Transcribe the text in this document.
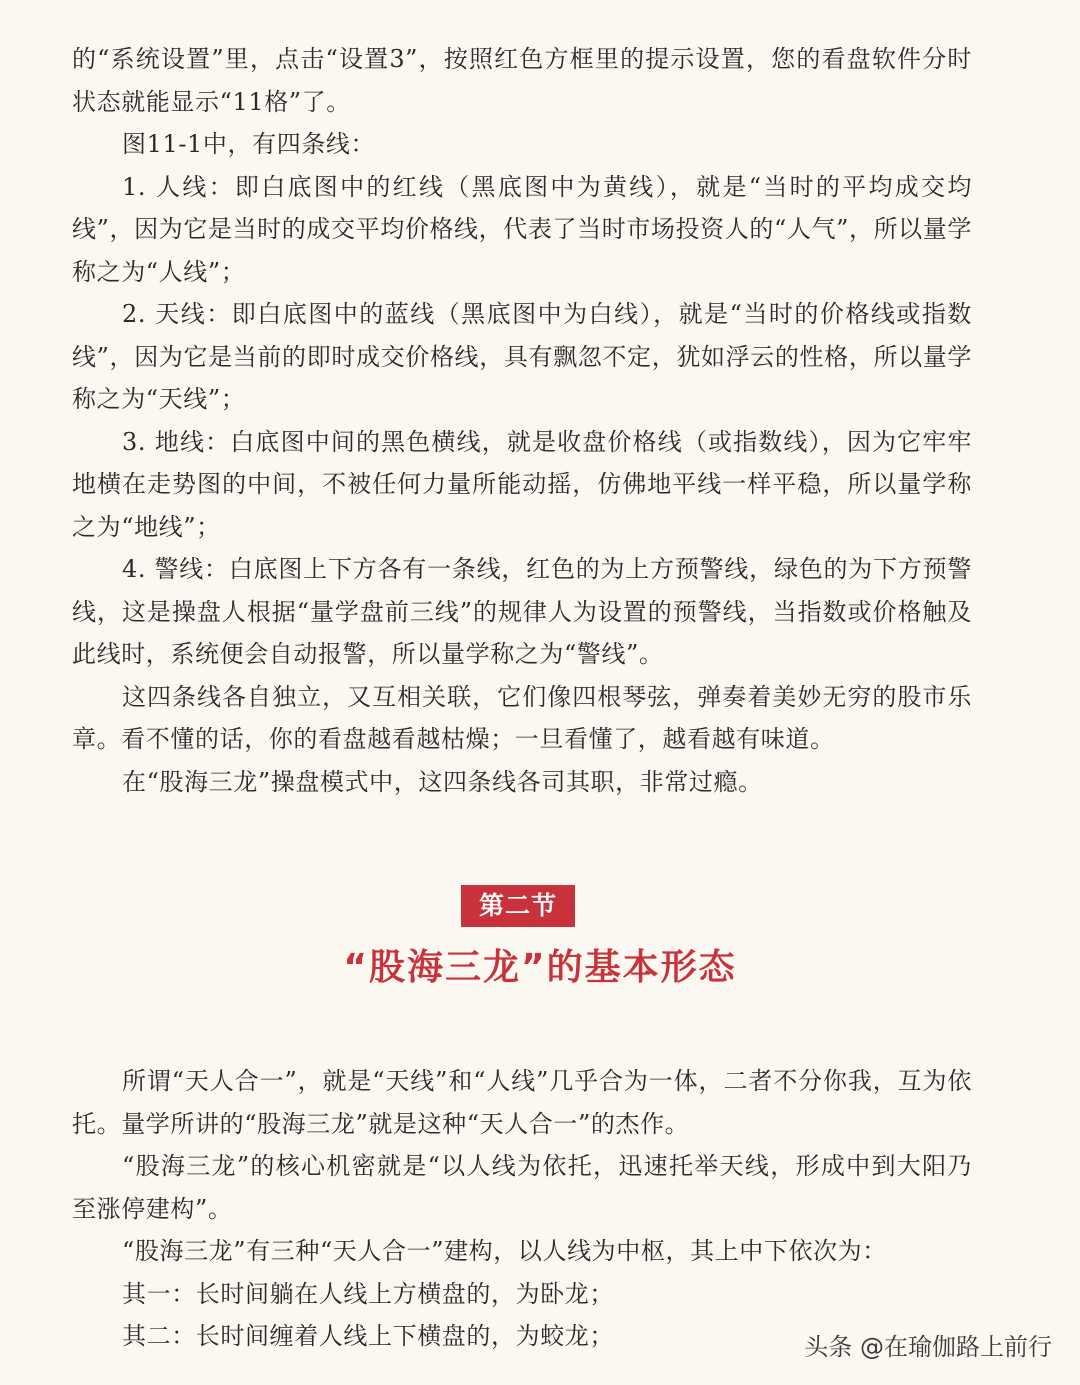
的“系统设置”里，点击“设置3”，按照红色方框里的提示设置，您的看盘软件分时状态就能显示“11格”了。

图11-1中，有四条线：

1. 人线：即白底图中的红线（黑底图中为黄线），就是“当时的平均成交均线”，因为它是当时的成交平均价格线，代表了当时市场投资人的“人气”，所以量学称之为“人线”；

2. 天线：即白底图中的蓝线（黑底图中为白线），就是“当时的价格线或指数线”，因为它是当前的即时成交价格线，具有飘忽不定，犹如浮云的性格，所以量学称之为“天线”；

3. 地线：白底图中间的黑色横线，就是收盘价格线（或指数线），因为它牢牢地横在走势图的中间，不被任何力量所能动摇，仿佛地平线一样平稳，所以量学称之为“地线”；

4. 警线：白底图上下方各有一条线，红色的为上方预警线，绿色的为下方预警线，这是操盘人根据“量学盘前三线”的规律人为设置的预警线，当指数或价格触及此线时，系统便会自动报警，所以量学称之为“警线”。

这四条线各自独立，又互相关联，它们像四根琴弦，弹奏着美妙无穷的股市乐章。看不懂的话，你的看盘越看越枯燥；一旦看懂了，越看越有味道。

在“股海三龙”操盘模式中，这四条线各司其职，非常过瘾。

第二节
“股海三龙”的基本形态

所谓“天人合一”，就是“天线”和“人线”几乎合为一体，二者不分你我，互为依托。量学所讲的“股海三龙”就是这种“天人合一”的杰作。

“股海三龙”的核心机密就是“以人线为依托，迅速托举天线，形成中到大阳乃至涨停建构”。

“股海三龙”有三种“天人合一”建构，以人线为中枢，其上中下依次为：

其一：长时间躺在人线上方横盘的，为卧龙；

其二：长时间缠着人线上下横盘的，为蛟龙；	头条 @在瑜伽路上前行
